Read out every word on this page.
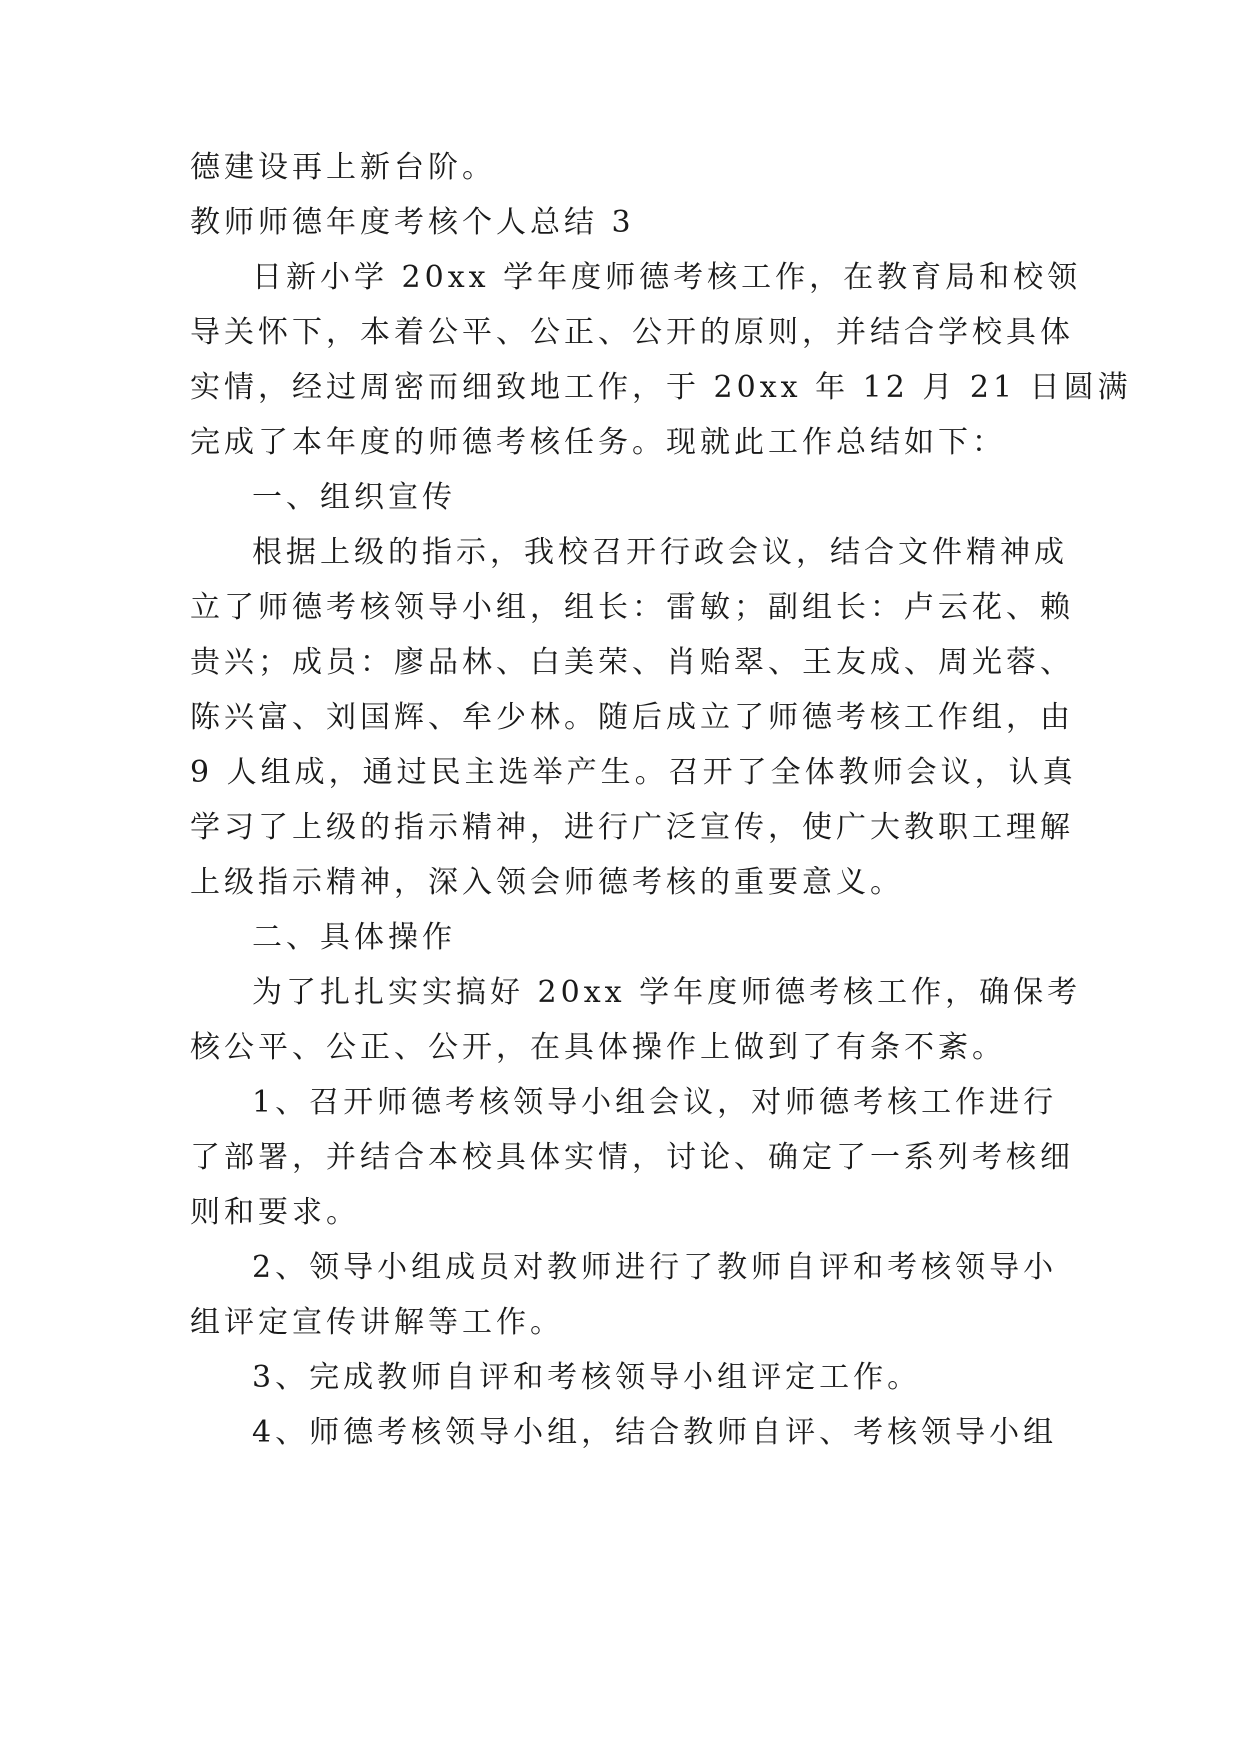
德建设再上新台阶。

教师师德年度考核个人总结 3

日新小学 20xx 学年度师德考核工作，在教育局和校领

导关怀下，本着公平、公正、公开的原则，并结合学校具体

实情，经过周密而细致地工作，于 20xx 年 12 月 21 日圆满

完成了本年度的师德考核任务。现就此工作总结如下：

一、组织宣传

根据上级的指示，我校召开行政会议，结合文件精神成

立了师德考核领导小组，组长：雷敏；副组长：卢云花、赖

贵兴；成员：廖品林、白美荣、肖贻翠、王友成、周光蓉、

陈兴富、刘国辉、牟少林。随后成立了师德考核工作组，由

9 人组成，通过民主选举产生。召开了全体教师会议，认真

学习了上级的指示精神，进行广泛宣传，使广大教职工理解

上级指示精神，深入领会师德考核的重要意义。

二、具体操作

为了扎扎实实搞好 20xx 学年度师德考核工作，确保考

核公平、公正、公开，在具体操作上做到了有条不紊。

1、召开师德考核领导小组会议，对师德考核工作进行

了部署，并结合本校具体实情，讨论、确定了一系列考核细

则和要求。

2、领导小组成员对教师进行了教师自评和考核领导小

组评定宣传讲解等工作。

3、完成教师自评和考核领导小组评定工作。

4、师德考核领导小组，结合教师自评、考核领导小组
